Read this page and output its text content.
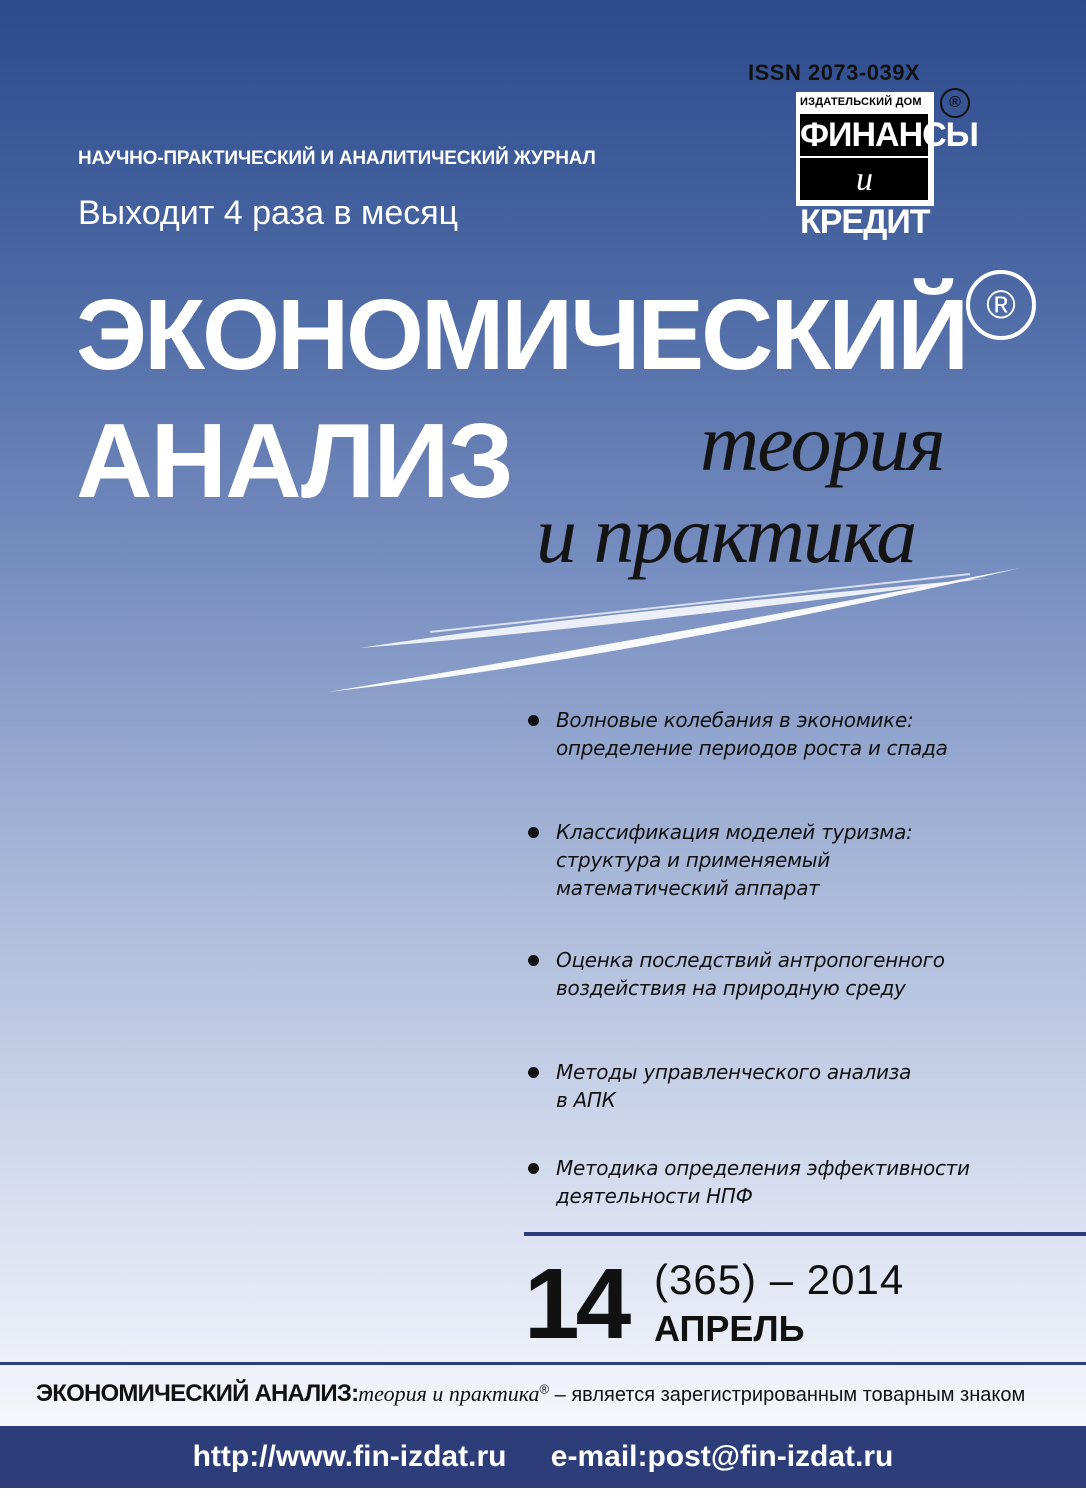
ISSN 2073-039X
ИЗДАТЕЛЬСКИЙ ДОМ
ФИНАНСЫ
и КРЕДИТ
®
НАУЧНО-ПРАКТИЧЕСКИЙ И АНАЛИТИЧЕСКИЙ ЖУРНАЛ
Выходит 4 раза в месяц
ЭКОНОМИЧЕСКИЙ ®
АНАЛИЗ теория
и практика
Волновые колебания в экономике:
определение периодов роста и спада
Классификация моделей туризма:
структура и применяемый
математический аппарат
Оценка последствий антропогенного
воздействия на природную среду
Методы управленческого анализа
в АПК
Методика определения эффективности
деятельности НПФ
14 (365) – 2014
АПРЕЛЬ
ЭКОНОМИЧЕСКИЙ АНАЛИЗ:теория и практика® – является зарегистрированным товарным знаком
http://www.fin-izdat.ru e-mail:post@fin-izdat.ru
